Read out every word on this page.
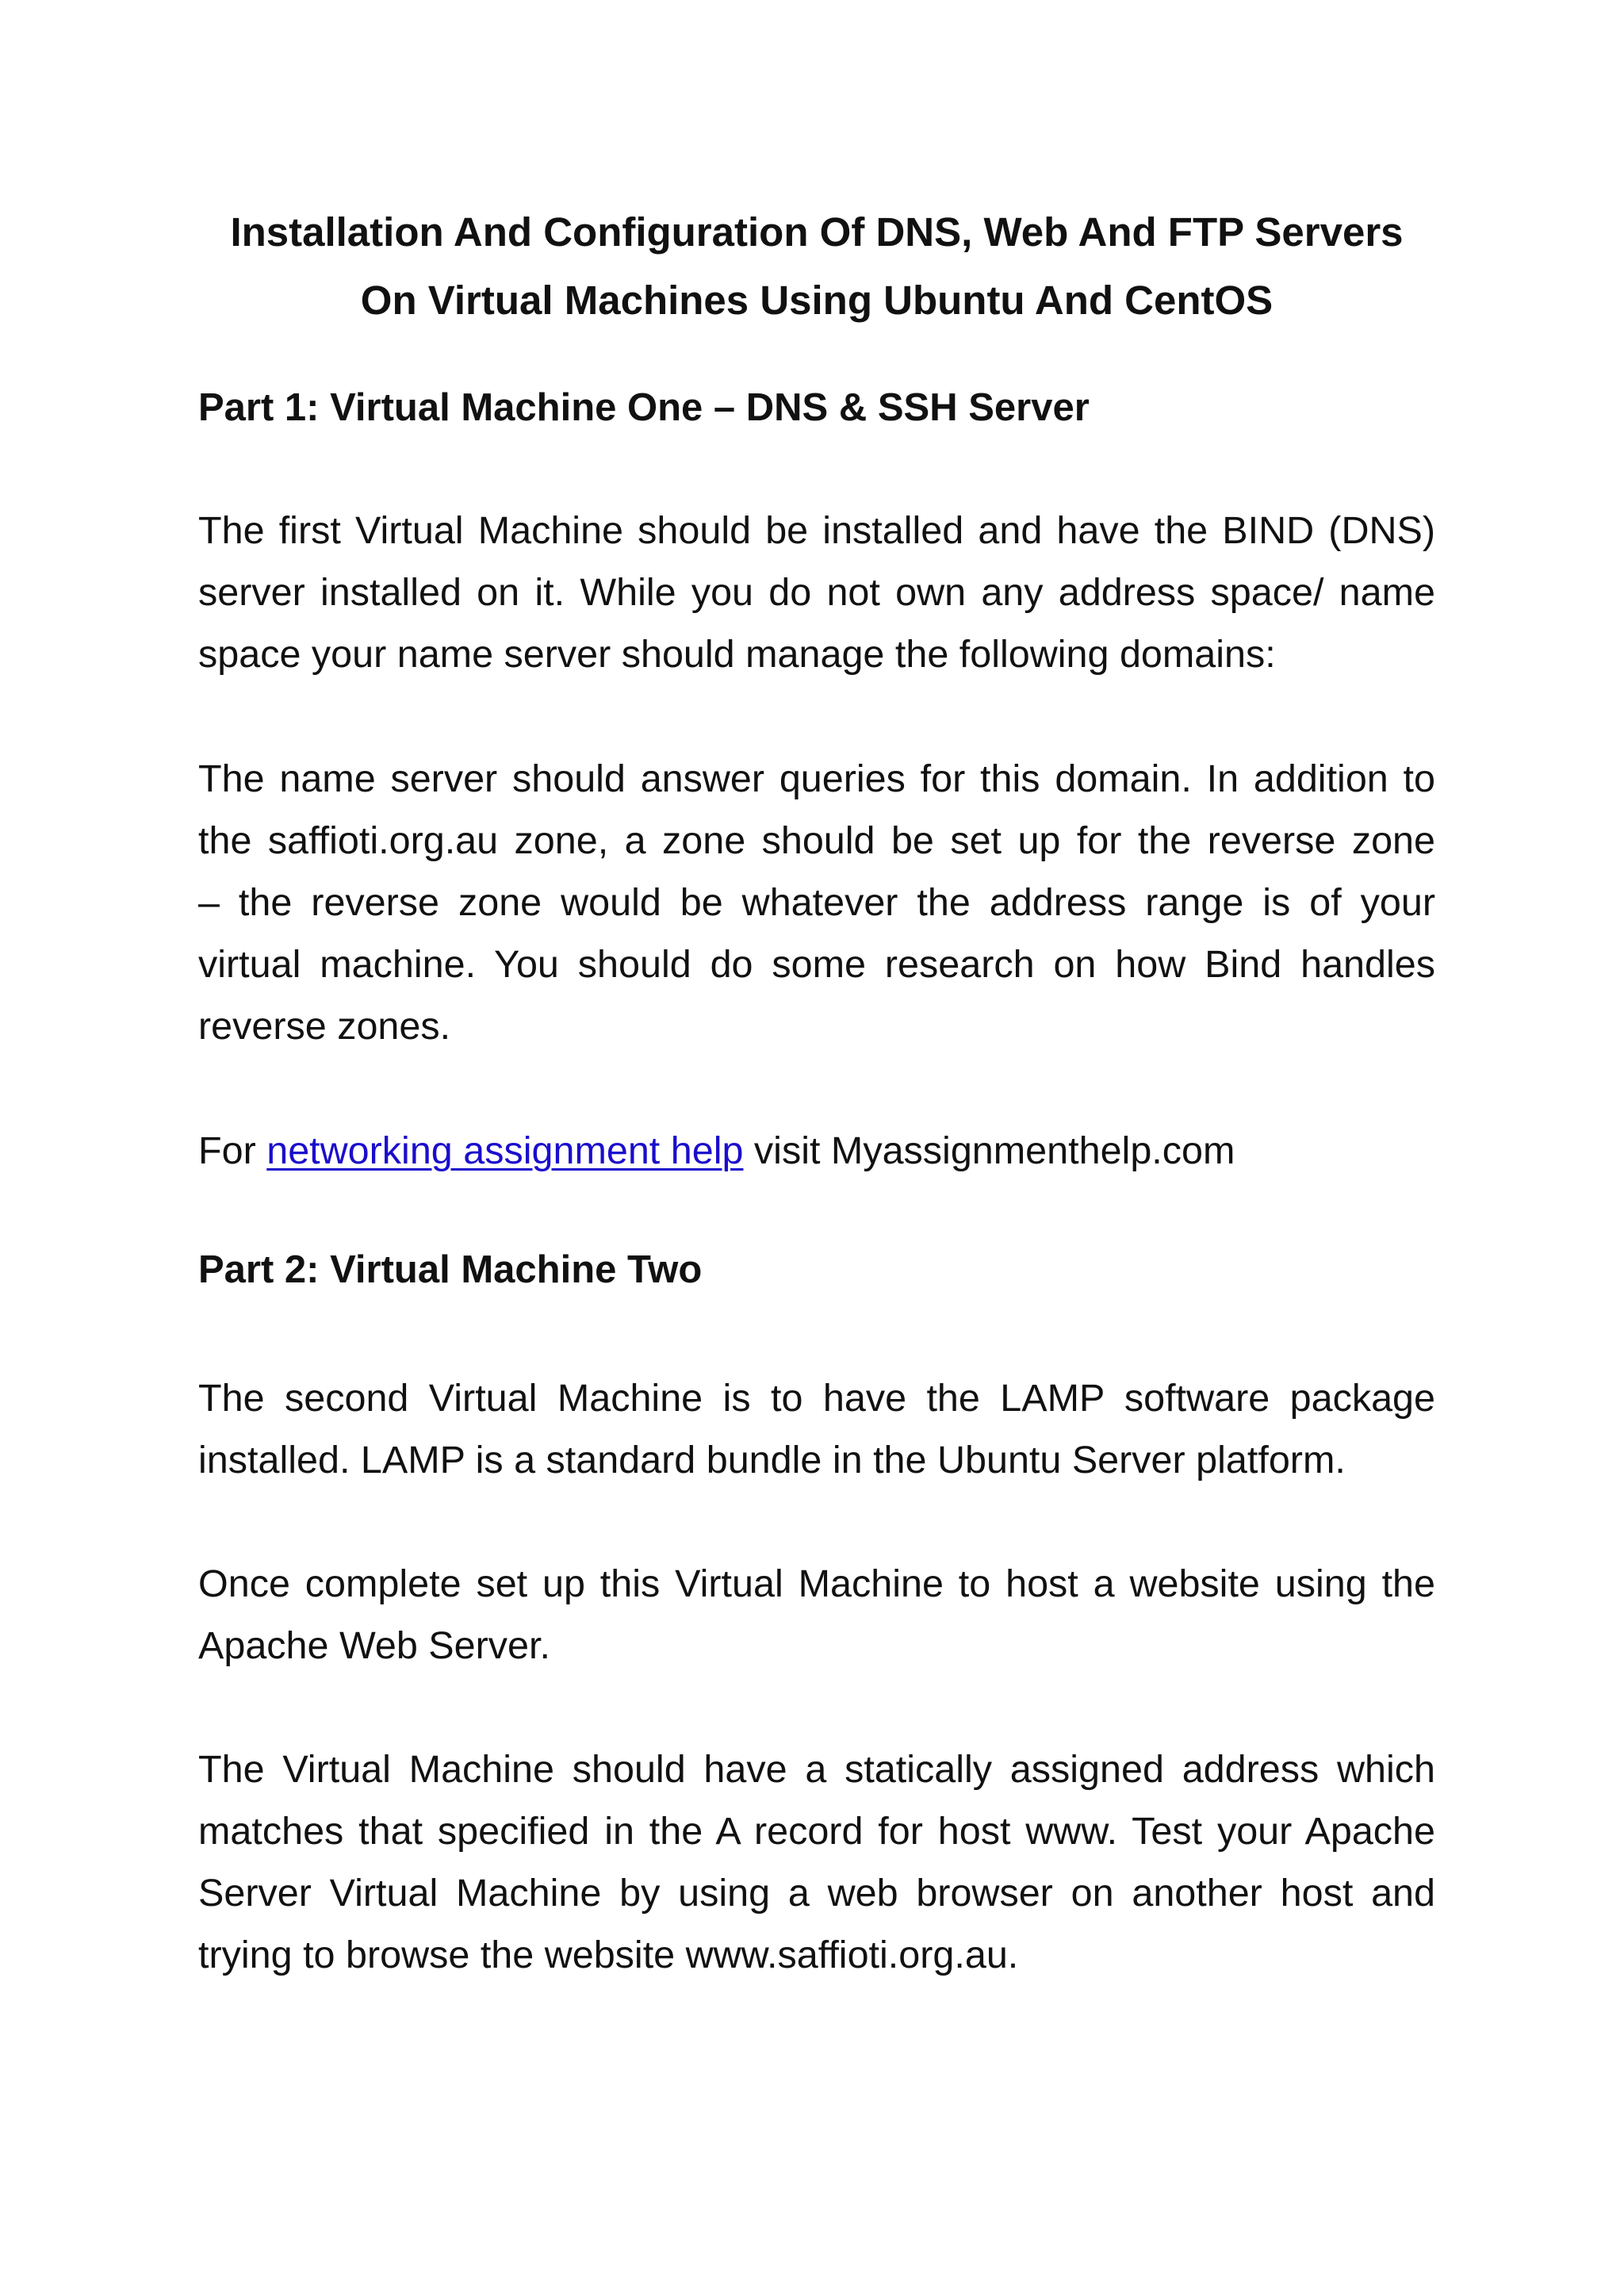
Installation And Configuration Of DNS, Web And FTP Servers
On Virtual Machines Using Ubuntu And CentOS
Part 1: Virtual Machine One – DNS & SSH Server

The first Virtual Machine should be installed and have the BIND (DNS)
server installed on it. While you do not own any address space/ name
space your name server should manage the following domains:

The name server should answer queries for this domain. In addition to
the saffioti.org.au zone, a zone should be set up for the reverse zone
– the reverse zone would be whatever the address range is of your
virtual machine. You should do some research on how Bind handles
reverse zones.

For networking assignment help visit Myassignmenthelp.com

Part 2: Virtual Machine Two

The second Virtual Machine is to have the LAMP software package
installed. LAMP is a standard bundle in the Ubuntu Server platform.

Once complete set up this Virtual Machine to host a website using the
Apache Web Server.

The Virtual Machine should have a statically assigned address which
matches that specified in the A record for host www. Test your Apache
Server Virtual Machine by using a web browser on another host and
trying to browse the website www.saffioti.org.au.
